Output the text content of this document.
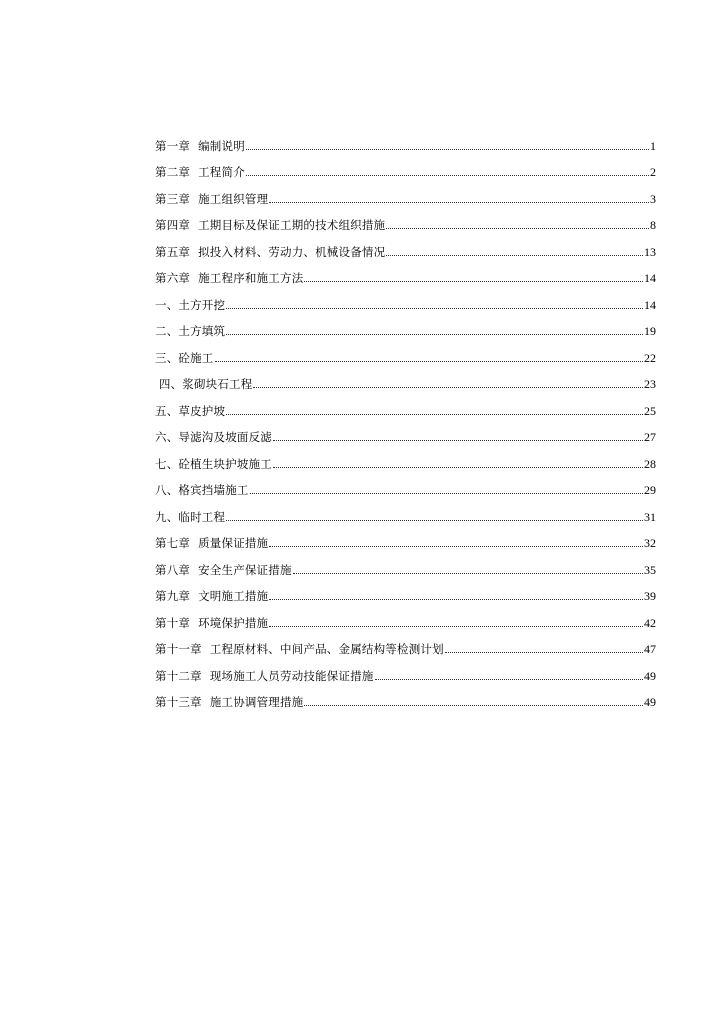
第一章 编制说明	1
第二章 工程简介	2
第三章 施工组织管理	3
第四章 工期目标及保证工期的技术组织措施	8
第五章 拟投入材料、劳动力、机械设备情况	13
第六章 施工程序和施工方法	14
一、土方开挖	14
二、土方填筑	19
三、砼施工	22
四、浆砌块石工程	23
五、草皮护坡	25
六、导滤沟及坡面反滤	27
七、砼植生块护坡施工	28
八、格宾挡墙施工	29
九、临时工程	31
第七章 质量保证措施	32
第八章 安全生产保证措施	35
第九章 文明施工措施	39
第十章 环境保护措施	42
第十一章 工程原材料、中间产品、金属结构等检测计划	47
第十二章 现场施工人员劳动技能保证措施	49
第十三章 施工协调管理措施	49
